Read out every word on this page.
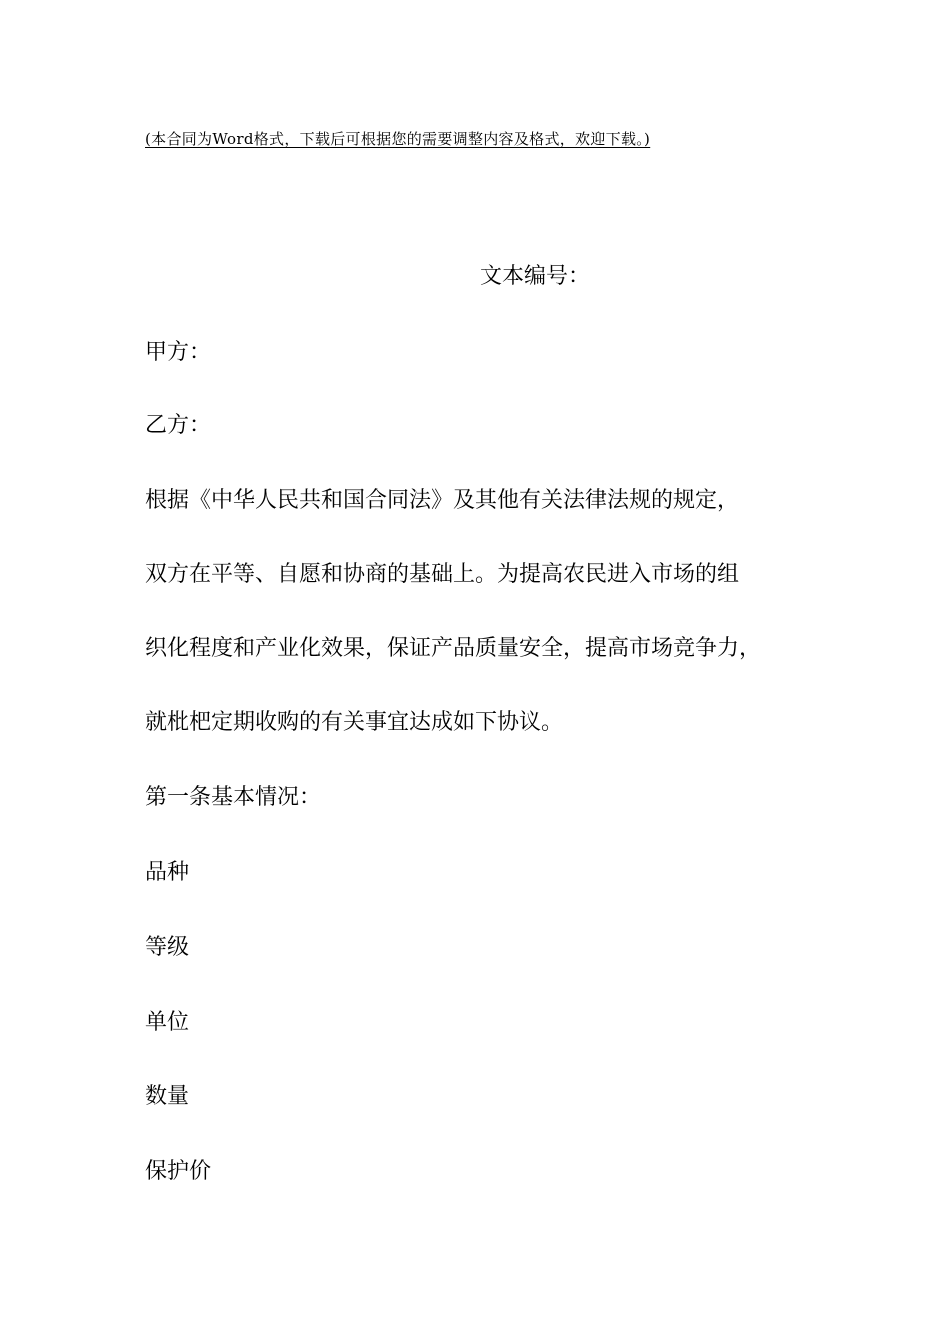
(本合同为Word格式，下载后可根据您的需要调整内容及格式，欢迎下载。)
文本编号：
甲方：
乙方：
根据《中华人民共和国合同法》及其他有关法律法规的规定，
双方在平等、自愿和协商的基础上。为提高农民进入市场的组
织化程度和产业化效果，保证产品质量安全，提高市场竞争力，
就枇杷定期收购的有关事宜达成如下协议。
第一条基本情况：
品种
等级
单位
数量
保护价
